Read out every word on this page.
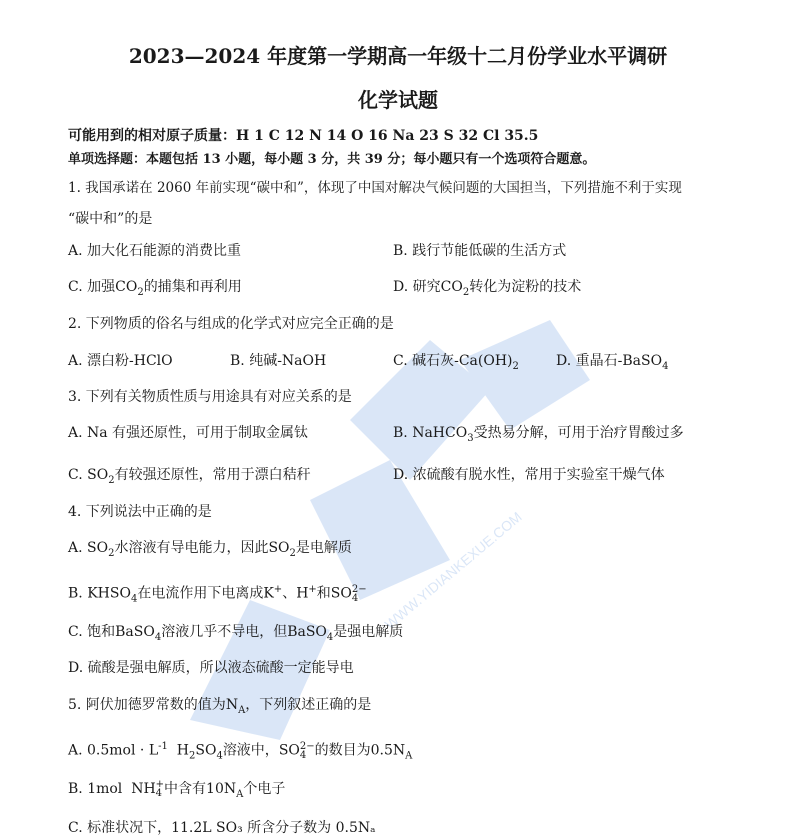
WWW.YIDIANKEXUE.COM
2023—2024 年度第一学期高一年级十二月份学业水平调研
化学试题
可能用到的相对原子质量：H 1 C 12 N 14 O 16 Na 23 S 32 Cl 35.5
单项选择题：本题包括 13 小题，每小题 3 分，共 39 分；每小题只有一个选项符合题意。
1. 我国承诺在 2060 年前实现“碳中和”，体现了中国对解决气候问题的大国担当，下列措施不利于实现
“碳中和”的是
A. 加大化石能源的消费比重	B. 践行节能低碳的生活方式
C. 加强$CO_2$的捕集和再利用	D. 研究$CO_2$转化为淀粉的技术
2. 下列物质的俗名与组成的化学式对应完全正确的是
A. 漂白粉-HClO	B. 纯碱-NaOH	C. 碱石灰$-Ca(OH)_2$	D. 重晶石-BaSO$_4$
3. 下列有关物质性质与用途具有对应关系的是
A. Na 有强还原性，可用于制取金属钛	B. NaHCO$_3$受热易分解，可用于治疗胃酸过多
C. $SO_2$有较强还原性，常用于漂白秸秆	D. 浓硫酸有脱水性，常用于实验室干燥气体
4. 下列说法中正确的是
A. $SO_2$水溶液有导电能力，因此$SO_2$是电解质
B. $KHSO_4$在电流作用下电离成K+、H+和SO 2−
4
C. 饱和BaSO$_4$溶液几乎不导电，但BaSO$_4$是强电解质
D. 硫酸是强电解质，所以液态硫酸一定能导电
5. 阿伏加德罗常数的值为$N_A$，下列叙述正确的是
A. $0.5mol \cdot L^{-1}$ $H_2SO_4$溶液中，SO 2−
4 的数目为$0.5N_A$
B. 1mol NH +
4 中含有$10N_A$个电子
C. 标准状况下，11.2L SO₃ 所含分子数为 0.5Nₐ
